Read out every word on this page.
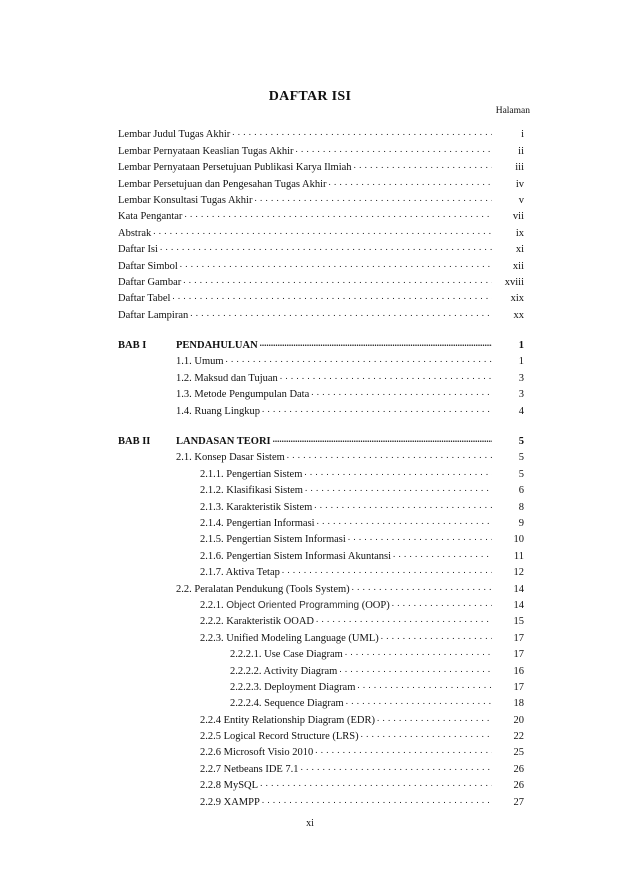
DAFTAR ISI
Halaman
Lembar Judul Tugas Akhir . . .	i
Lembar Pernyataan Keaslian Tugas Akhir . . .	ii
Lembar Pernyataan Persetujuan Publikasi Karya Ilmiah . . .	iii
Lembar Persetujuan dan Pengesahan Tugas Akhir . . .	iv
Lembar Konsultasi Tugas Akhir . . .	v
Kata Pengantar . . .	vii
Abstrak . . .	ix
Daftar Isi . . .	xi
Daftar Simbol . . .	xii
Daftar Gambar . . .	xviii
Daftar Tabel . . .	xix
Daftar Lampiran . . .	xx
BAB I	PENDAHULUAN .....	1
1.1. Umum . . .	1
1.2. Maksud dan Tujuan . . .	3
1.3. Metode Pengumpulan Data . . .	3
1.4. Ruang Lingkup . . .	4
BAB II	LANDASAN TEORI .....	5
2.1. Konsep Dasar Sistem . . .	5
2.1.1. Pengertian Sistem . . .	5
2.1.2. Klasifikasi Sistem . . .	6
2.1.3. Karakteristik Sistem . . .	8
2.1.4. Pengertian Informasi . . .	9
2.1.5. Pengertian Sistem Informasi . . .	10
2.1.6. Pengertian Sistem Informasi Akuntansi . . .	11
2.1.7. Aktiva Tetap . . .	12
2.2. Peralatan Pendukung (Tools System) . . .	14
2.2.1. Object Oriented Programming (OOP) . . .	14
2.2.2. Karakteristik OOAD . . .	15
2.2.3. Unified Modeling Language (UML) . . .	17
2.2.2.1. Use Case Diagram . . .	17
2.2.2.2. Activity Diagram . . .	16
2.2.2.3. Deployment Diagram . . .	17
2.2.2.4. Sequence Diagram . . .	18
2.2.4 Entity Relationship Diagram (EDR) . . .	20
2.2.5 Logical Record Structure (LRS) . . .	22
2.2.6 Microsoft Visio 2010 . . .	25
2.2.7 Netbeans IDE 7.1 . . .	26
2.2.8 MySQL . . .	26
2.2.9 XAMPP . . .	27
xi
